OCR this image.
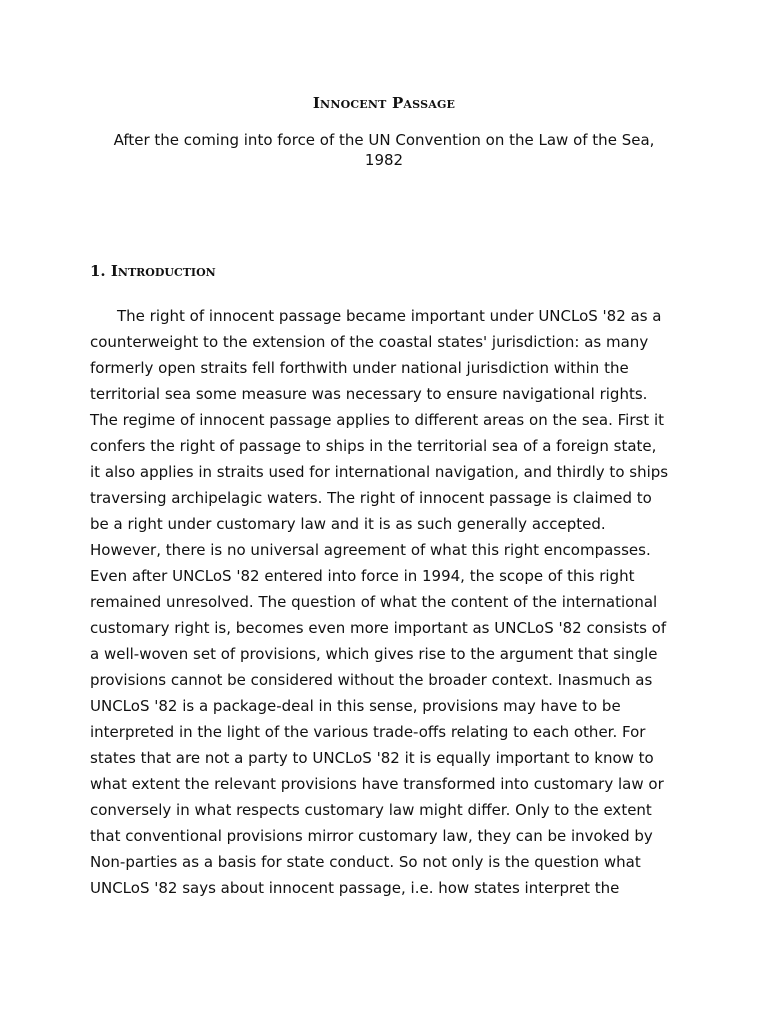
Innocent Passage
After the coming into force of the UN Convention on the Law of the Sea, 1982
1. Introduction
The right of innocent passage became important under UNCLoS '82 as a
counterweight to the extension of the coastal states' jurisdiction: as many
formerly open straits fell forthwith under national jurisdiction within the
territorial sea some measure was necessary to ensure navigational rights.
The regime of innocent passage applies to different areas on the sea. First it
confers the right of passage to ships in the territorial sea of a foreign state,
it also applies in straits used for international navigation, and thirdly to ships
traversing archipelagic waters. The right of innocent passage is claimed to
be a right under customary law and it is as such generally accepted.
However, there is no universal agreement of what this right encompasses.
Even after UNCLoS '82 entered into force in 1994, the scope of this right
remained unresolved. The question of what the content of the international
customary right is, becomes even more important as UNCLoS '82 consists of
a well-woven set of provisions, which gives rise to the argument that single
provisions cannot be considered without the broader context. Inasmuch as
UNCLoS '82 is a package-deal in this sense, provisions may have to be
interpreted in the light of the various trade-offs relating to each other. For
states that are not a party to UNCLoS '82 it is equally important to know to
what extent the relevant provisions have transformed into customary law or
conversely in what respects customary law might differ. Only to the extent
that conventional provisions mirror customary law, they can be invoked by
Non-parties as a basis for state conduct. So not only is the question what
UNCLoS '82 says about innocent passage, i.e. how states interpret the
